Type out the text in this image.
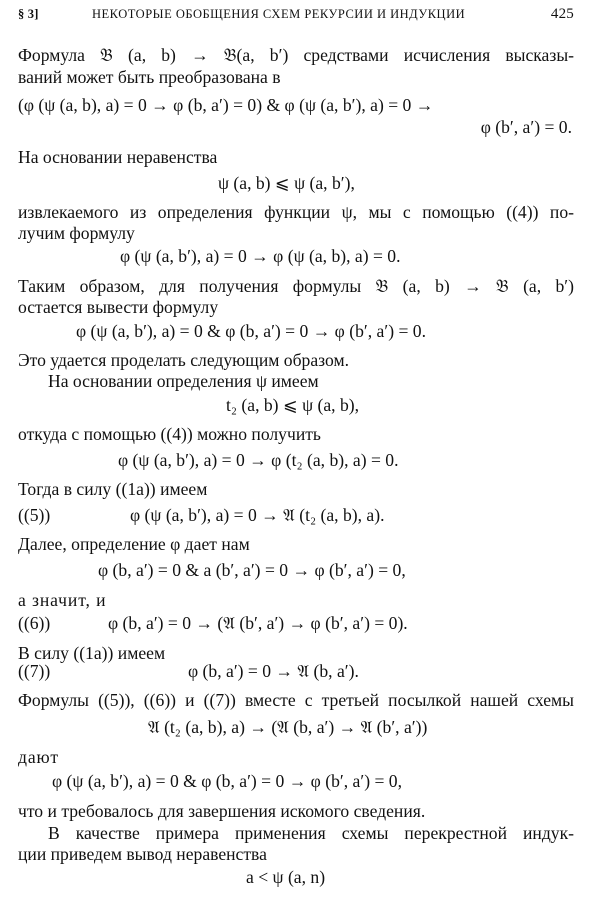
§ 3]	НЕКОТОРЫЕ ОБОБЩЕНИЯ СХЕМ РЕКУРСИИ И ИНДУКЦИИ	425
Формула 𝔅 (a, b) → 𝔅(a, b′) средствами исчисления высказы-
ваний может быть преобразована в
(φ (ψ (a, b), a) = 0 → φ (b, a′) = 0) & φ (ψ (a, b′), a) = 0 →
φ (b′, a′) = 0.
На основании неравенства
ψ (a, b) ⩽ ψ (a, b′),
извлекаемого из определения функции ψ, мы с помощью ((4)) по-
лучим формулу
φ (ψ (a, b′), a) = 0 → φ (ψ (a, b), a) = 0.
Таким образом, для получения формулы 𝔅 (a, b) → 𝔅 (a, b′)
остается вывести формулу
φ (ψ (a, b′), a) = 0 & φ (b, a′) = 0 → φ (b′, a′) = 0.
Это удается проделать следующим образом.
На основании определения ψ имеем
t₂ (a, b) ⩽ ψ (a, b),
откуда с помощью ((4)) можно получить
φ (ψ (a, b′), a) = 0 → φ (t₂ (a, b), a) = 0.
Тогда в силу ((1a)) имеем
((5))	φ (ψ (a, b′), a) = 0 → 𝔄 (t₂ (a, b), a).
Далее, определение φ дает нам
φ (b, a′) = 0 & a (b′, a′) = 0 → φ (b′, a′) = 0,
а значит, и
((6))	φ (b, a′) = 0 → (𝔄 (b′, a′) → φ (b′, a′) = 0).
В силу ((1a)) имеем
((7))	φ (b, a′) = 0 → 𝔄 (b, a′).
Формулы ((5)), ((6)) и ((7)) вместе с третьей посылкой нашей схемы
𝔄 (t₂ (a, b), a) → (𝔄 (b, a′) → 𝔄 (b′, a′))
дают
φ (ψ (a, b′), a) = 0 & φ (b, a′) = 0 → φ (b′, a′) = 0,
что и требовалось для завершения искомого сведения.
В качестве примера применения схемы перекрестной индук-
ции приведем вывод неравенства
a < ψ (a, n)
